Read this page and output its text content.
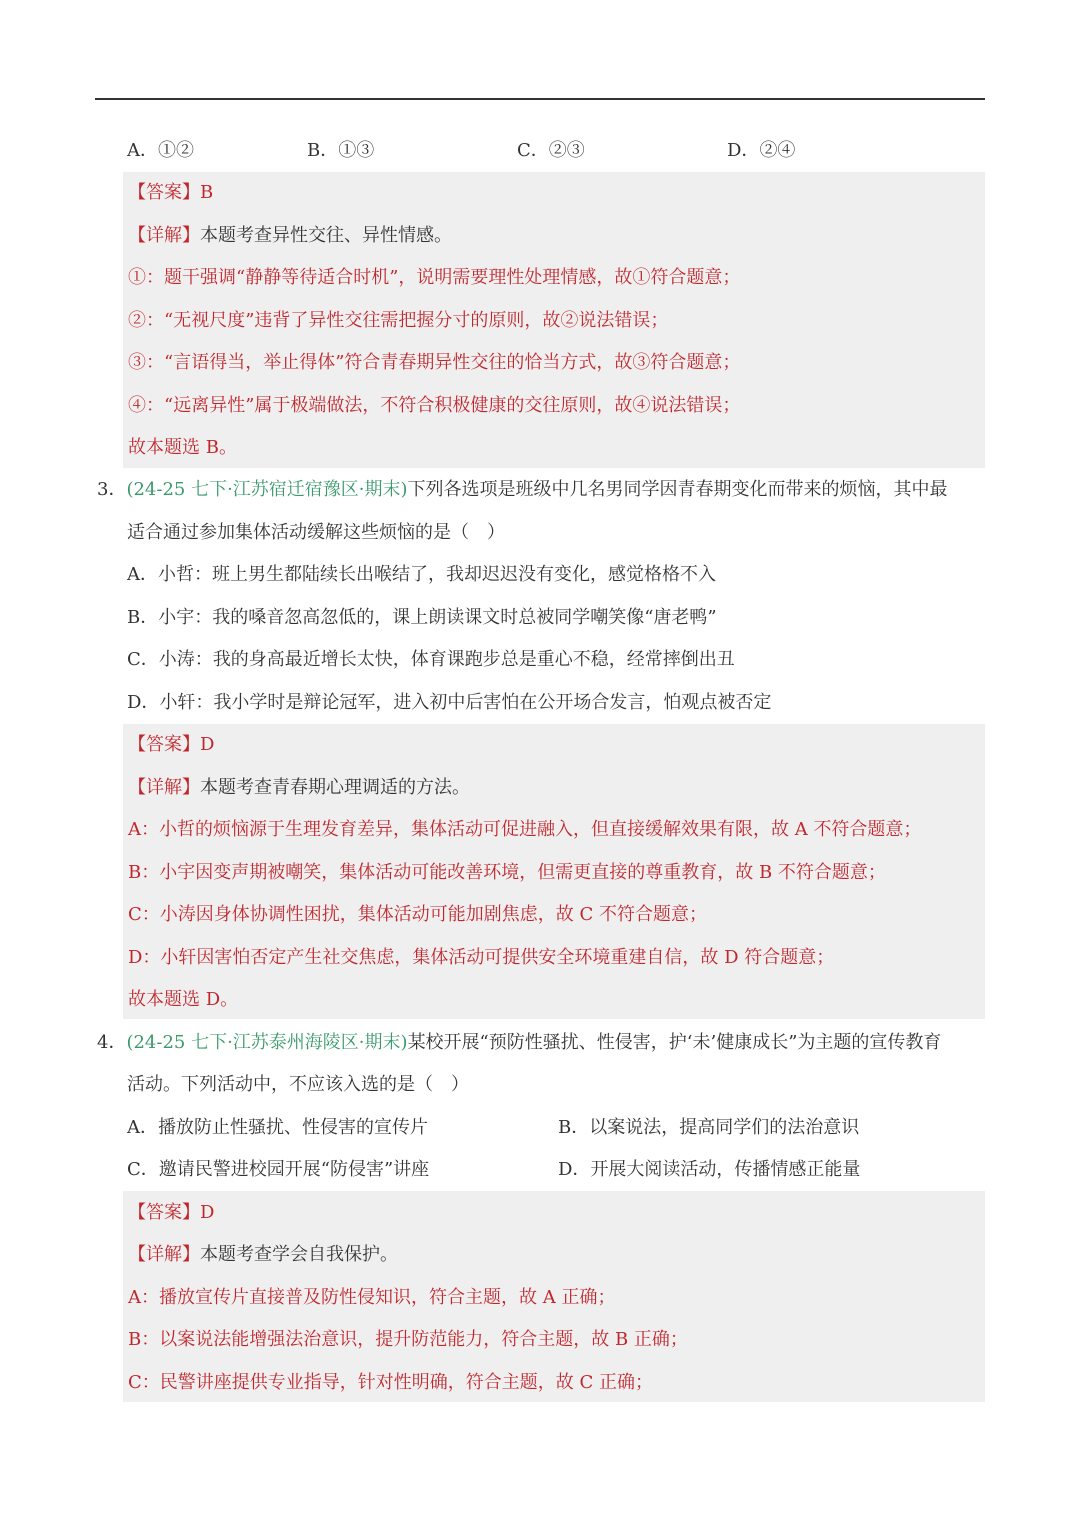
A．①②	B．①③	C．②③	D．②④
【答案】B
【详解】本题考查异性交往、异性情感。
①：题干强调“静静等待适合时机”，说明需要理性处理情感，故①符合题意；
②：“无视尺度”违背了异性交往需把握分寸的原则，故②说法错误；
③：“言语得当，举止得体”符合青春期异性交往的恰当方式，故③符合题意；
④：“远离异性”属于极端做法，不符合积极健康的交往原则，故④说法错误；
故本题选 B。
3．(24-25 七下·江苏宿迁宿豫区·期末)下列各选项是班级中几名男同学因青春期变化而带来的烦恼，其中最
适合通过参加集体活动缓解这些烦恼的是（　）
A．小哲：班上男生都陆续长出喉结了，我却迟迟没有变化，感觉格格不入
B．小宇：我的嗓音忽高忽低的，课上朗读课文时总被同学嘲笑像“唐老鸭”
C．小涛：我的身高最近增长太快，体育课跑步总是重心不稳，经常摔倒出丑
D．小轩：我小学时是辩论冠军，进入初中后害怕在公开场合发言，怕观点被否定
【答案】D
【详解】本题考查青春期心理调适的方法。
A：小哲的烦恼源于生理发育差异，集体活动可促进融入，但直接缓解效果有限，故 A 不符合题意；
B：小宇因变声期被嘲笑，集体活动可能改善环境，但需更直接的尊重教育，故 B 不符合题意；
C：小涛因身体协调性困扰，集体活动可能加剧焦虑，故 C 不符合题意；
D：小轩因害怕否定产生社交焦虑，集体活动可提供安全环境重建自信，故 D 符合题意；
故本题选 D。
4．(24-25 七下·江苏泰州海陵区·期末)某校开展“预防性骚扰、性侵害，护‘未’健康成长”为主题的宣传教育
活动。下列活动中，不应该入选的是（　）
A．播放防止性骚扰、性侵害的宣传片	B．以案说法，提高同学们的法治意识
C．邀请民警进校园开展“防侵害”讲座	D．开展大阅读活动，传播情感正能量
【答案】D
【详解】本题考查学会自我保护。
A：播放宣传片直接普及防性侵知识，符合主题，故 A 正确；
B：以案说法能增强法治意识，提升防范能力，符合主题，故 B 正确；
C：民警讲座提供专业指导，针对性明确，符合主题，故 C 正确；
